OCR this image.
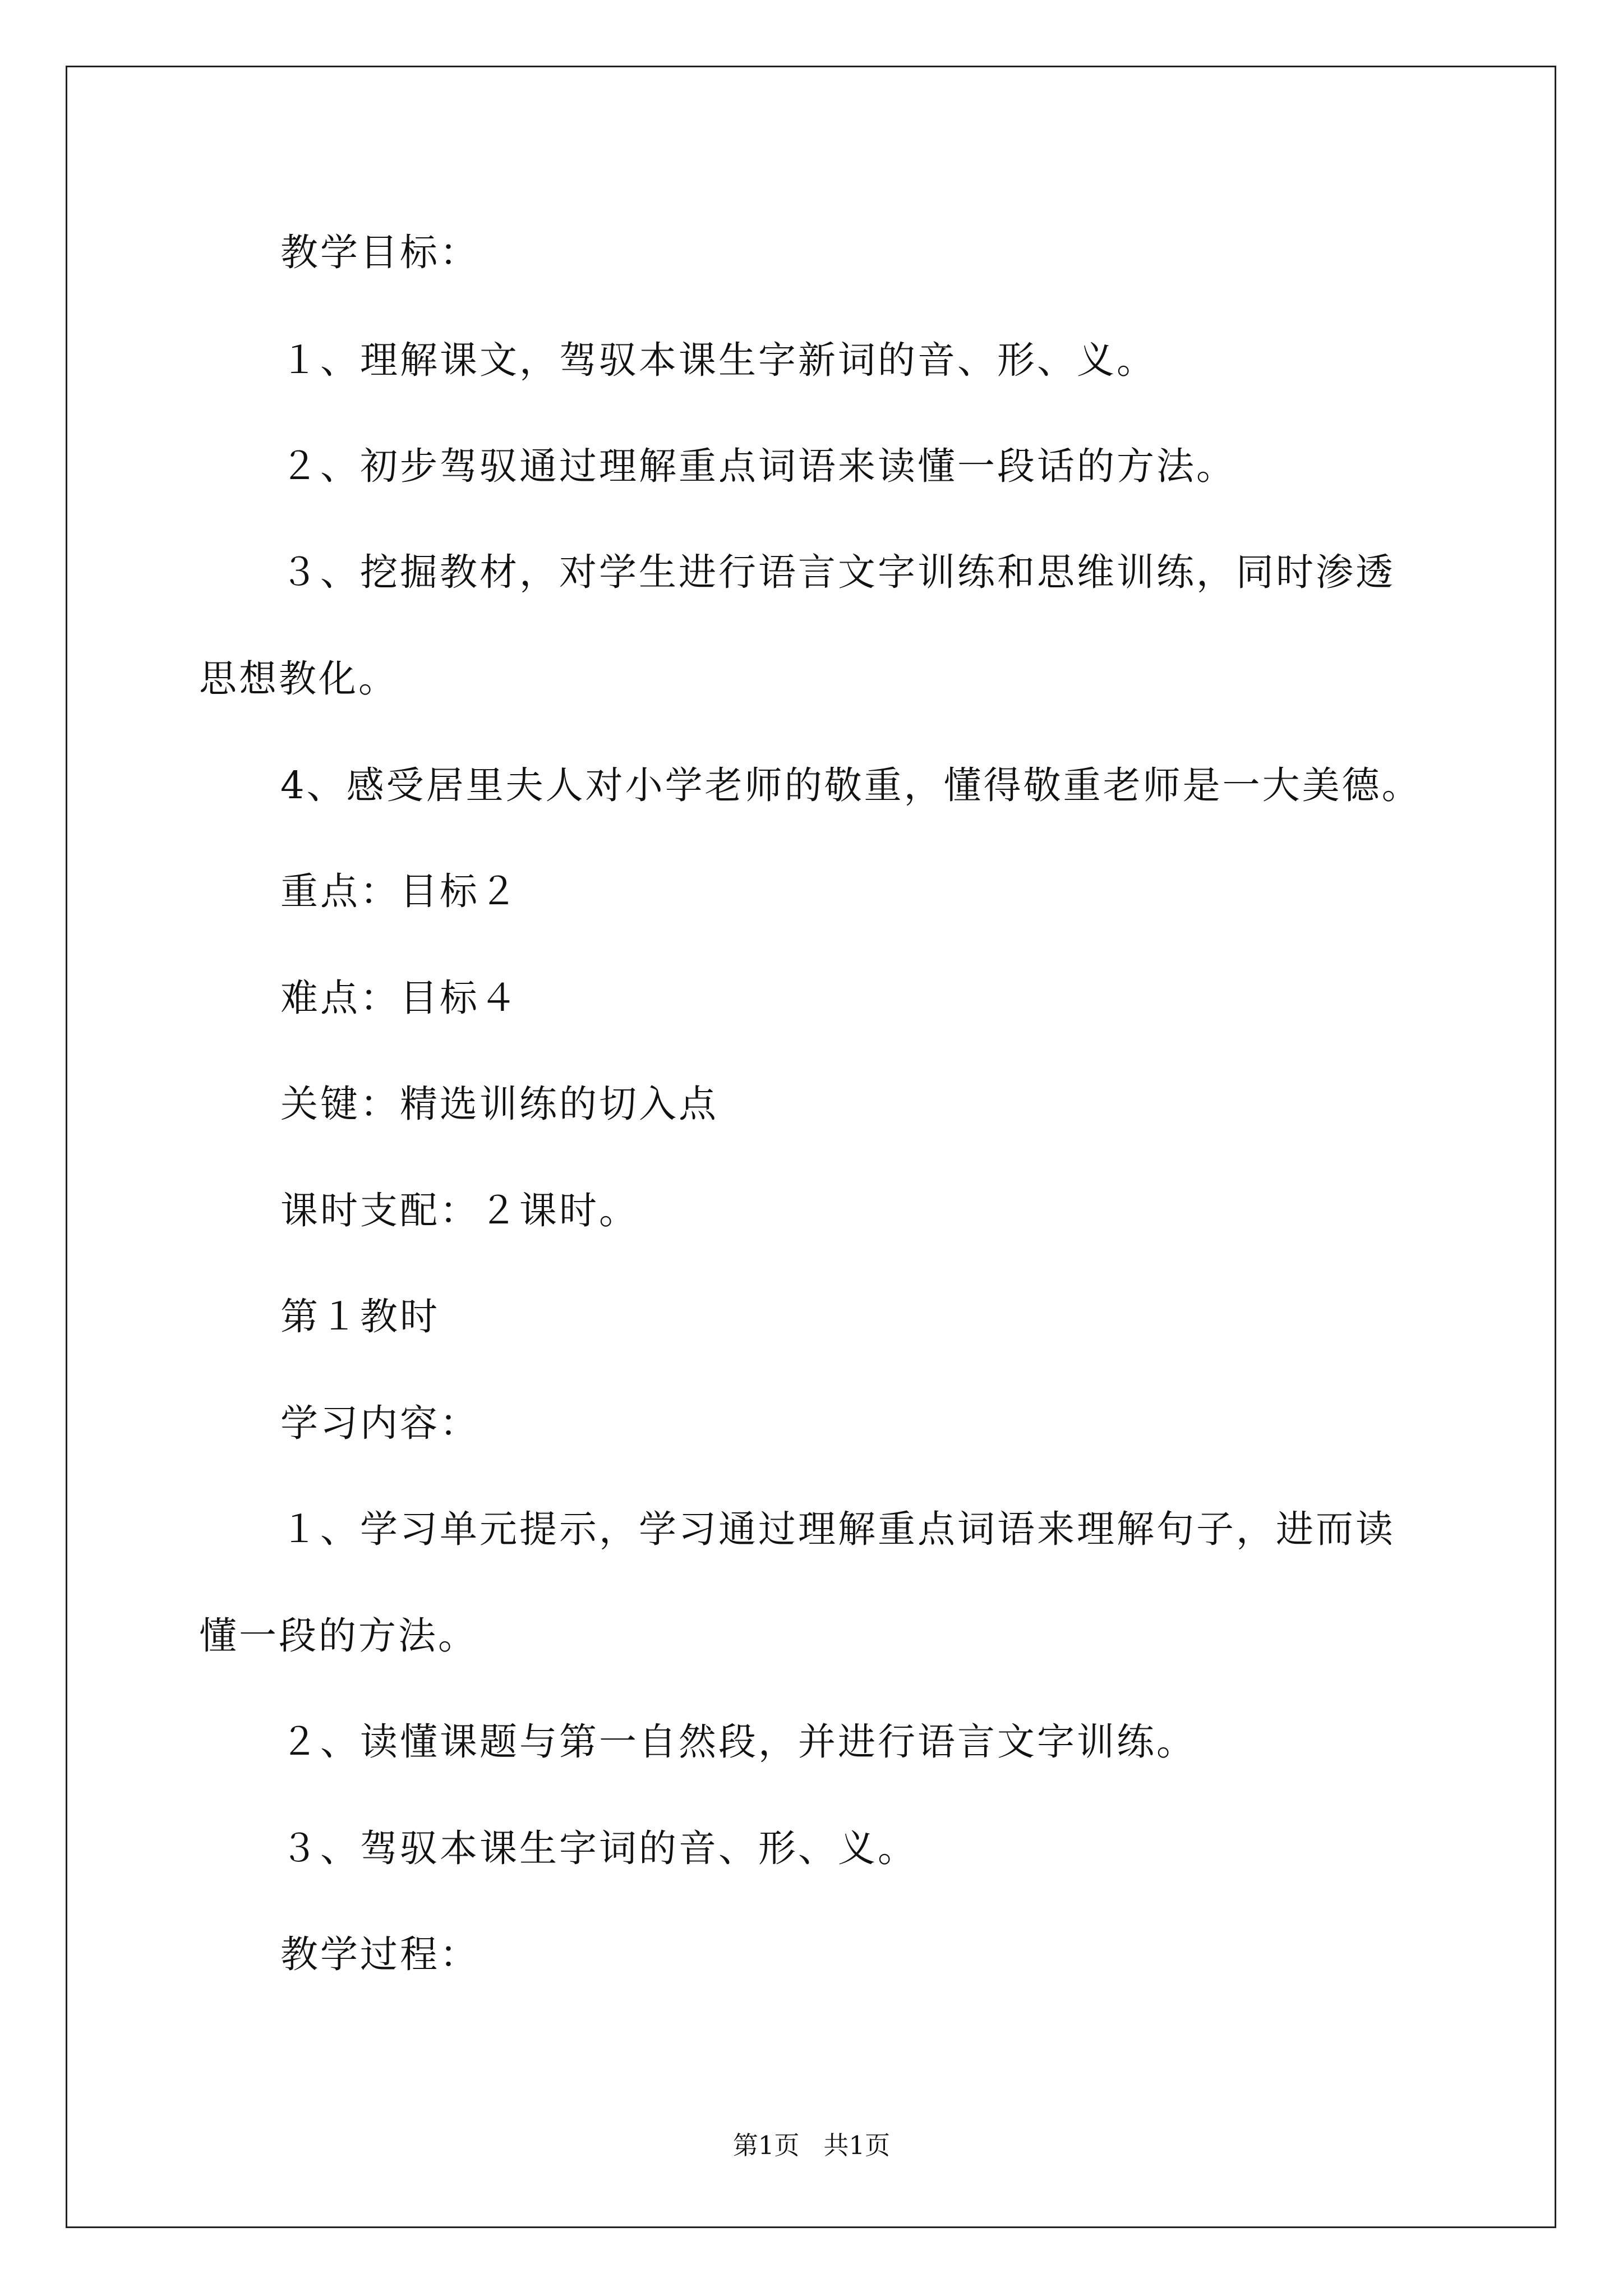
教学目标：
１、理解课文，驾驭本课生字新词的音、形、义。
２、初步驾驭通过理解重点词语来读懂一段话的方法。
３、挖掘教材，对学生进行语言文字训练和思维训练，同时渗透
思想教化。
4、感受居里夫人对小学老师的敬重，懂得敬重老师是一大美德。
重点：目标２
难点：目标４
关键：精选训练的切入点
课时支配：２课时。
第１教时
学习内容：
１、学习单元提示，学习通过理解重点词语来理解句子，进而读
懂一段的方法。
２、读懂课题与第一自然段，并进行语言文字训练。
３、驾驭本课生字词的音、形、义。
教学过程：
第1页   共1页
